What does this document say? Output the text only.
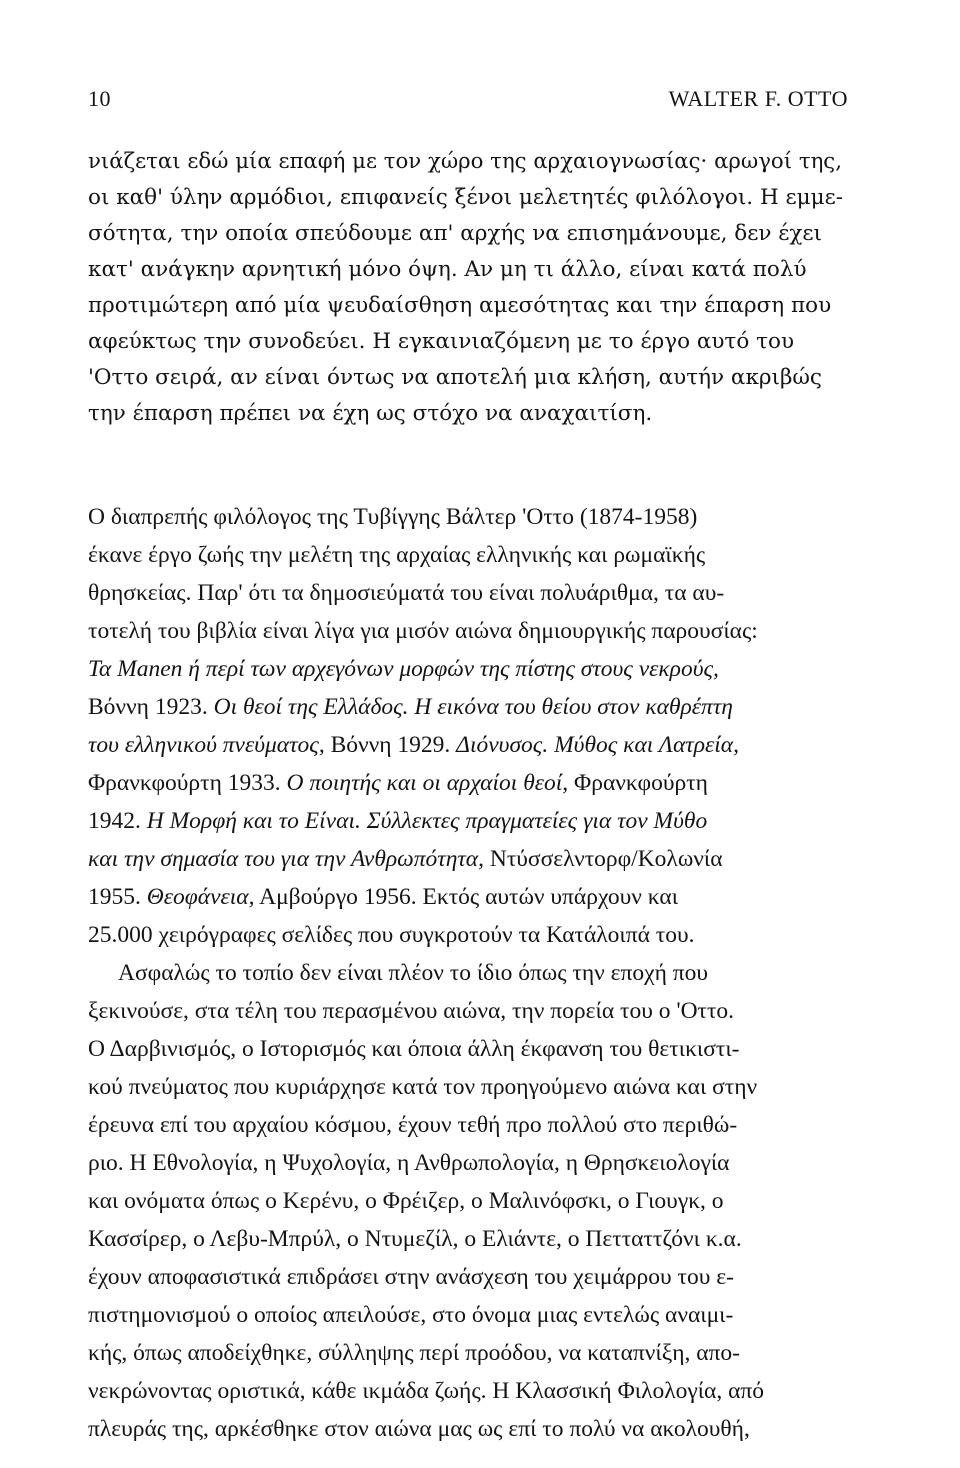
10	WALTER F. OTTO
νιάζεται εδώ μία επαφή με τον χώρο της αρχαιογνωσίας· αρωγοί της,
οι καθ' ύλην αρμόδιοι, επιφανείς ξένοι μελετητές φιλόλογοι. Η εμμε-
σότητα, την οποία σπεύδουμε απ' αρχής να επισημάνουμε, δεν έχει
κατ' ανάγκην αρνητική μόνο όψη. Αν μη τι άλλο, είναι κατά πολύ
προτιμώτερη από μία ψευδαίσθηση αμεσότητας και την έπαρση που
αφεύκτως την συνοδεύει. Η εγκαινιαζόμενη με το έργο αυτό του
'Οττο σειρά, αν είναι όντως να αποτελή μια κλήση, αυτήν ακριβώς
την έπαρση πρέπει να έχη ως στόχο να αναχαιτίση.
Ο διαπρεπής φιλόλογος της Τυβίγγης Βάλτερ 'Οττο (1874-1958)
έκανε έργο ζωής την μελέτη της αρχαίας ελληνικής και ρωμαϊκής
θρησκείας. Παρ' ότι τα δημοσιεύματά του είναι πολυάριθμα, τα αυ-
τοτελή του βιβλία είναι λίγα για μισόν αιώνα δημιουργικής παρουσίας:
Τα Manen ή περί των αρχεγόνων μορφών της πίστης στους νεκρούς,
Βόννη 1923. Οι θεοί της Ελλάδος. Η εικόνα του θείου στον καθρέπτη
του ελληνικού πνεύματος, Βόννη 1929. Διόνυσος. Μύθος και Λατρεία,
Φρανκφούρτη 1933. Ο ποιητής και οι αρχαίοι θεοί, Φρανκφούρτη
1942. Η Μορφή και το Είναι. Σύλλεκτες πραγματείες για τον Μύθο
και την σημασία του για την Ανθρωπότητα, Ντύσσελντορφ/Κολωνία
1955. Θεοφάνεια, Αμβούργο 1956. Εκτός αυτών υπάρχουν και
25.000 χειρόγραφες σελίδες που συγκροτούν τα Κατάλοιπά του.
Ασφαλώς το τοπίο δεν είναι πλέον το ίδιο όπως την εποχή που
ξεκινούσε, στα τέλη του περασμένου αιώνα, την πορεία του ο 'Οττο.
Ο Δαρβινισμός, ο Ιστορισμός και όποια άλλη έκφανση του θετικιστι-
κού πνεύματος που κυριάρχησε κατά τον προηγούμενο αιώνα και στην
έρευνα επί του αρχαίου κόσμου, έχουν τεθή προ πολλού στο περιθώ-
ριο. Η Εθνολογία, η Ψυχολογία, η Ανθρωπολογία, η Θρησκειολογία
και ονόματα όπως ο Κερένυ, ο Φρέιζερ, ο Μαλινόφσκι, ο Γιουγκ, ο
Κασσίρερ, ο Λεβυ-Μπρύλ, ο Ντυμεζίλ, ο Ελιάντε, ο Πετταττζόνι κ.α.
έχουν αποφασιστικά επιδράσει στην ανάσχεση του χειμάρρου του ε-
πιστημονισμού ο οποίος απειλούσε, στο όνομα μιας εντελώς αναιμι-
κής, όπως αποδείχθηκε, σύλληψης περί προόδου, να καταπνίξη, απο-
νεκρώνοντας οριστικά, κάθε ικμάδα ζωής. Η Κλασσική Φιλολογία, από
πλευράς της, αρκέσθηκε στον αιώνα μας ως επί το πολύ να ακολουθή,
